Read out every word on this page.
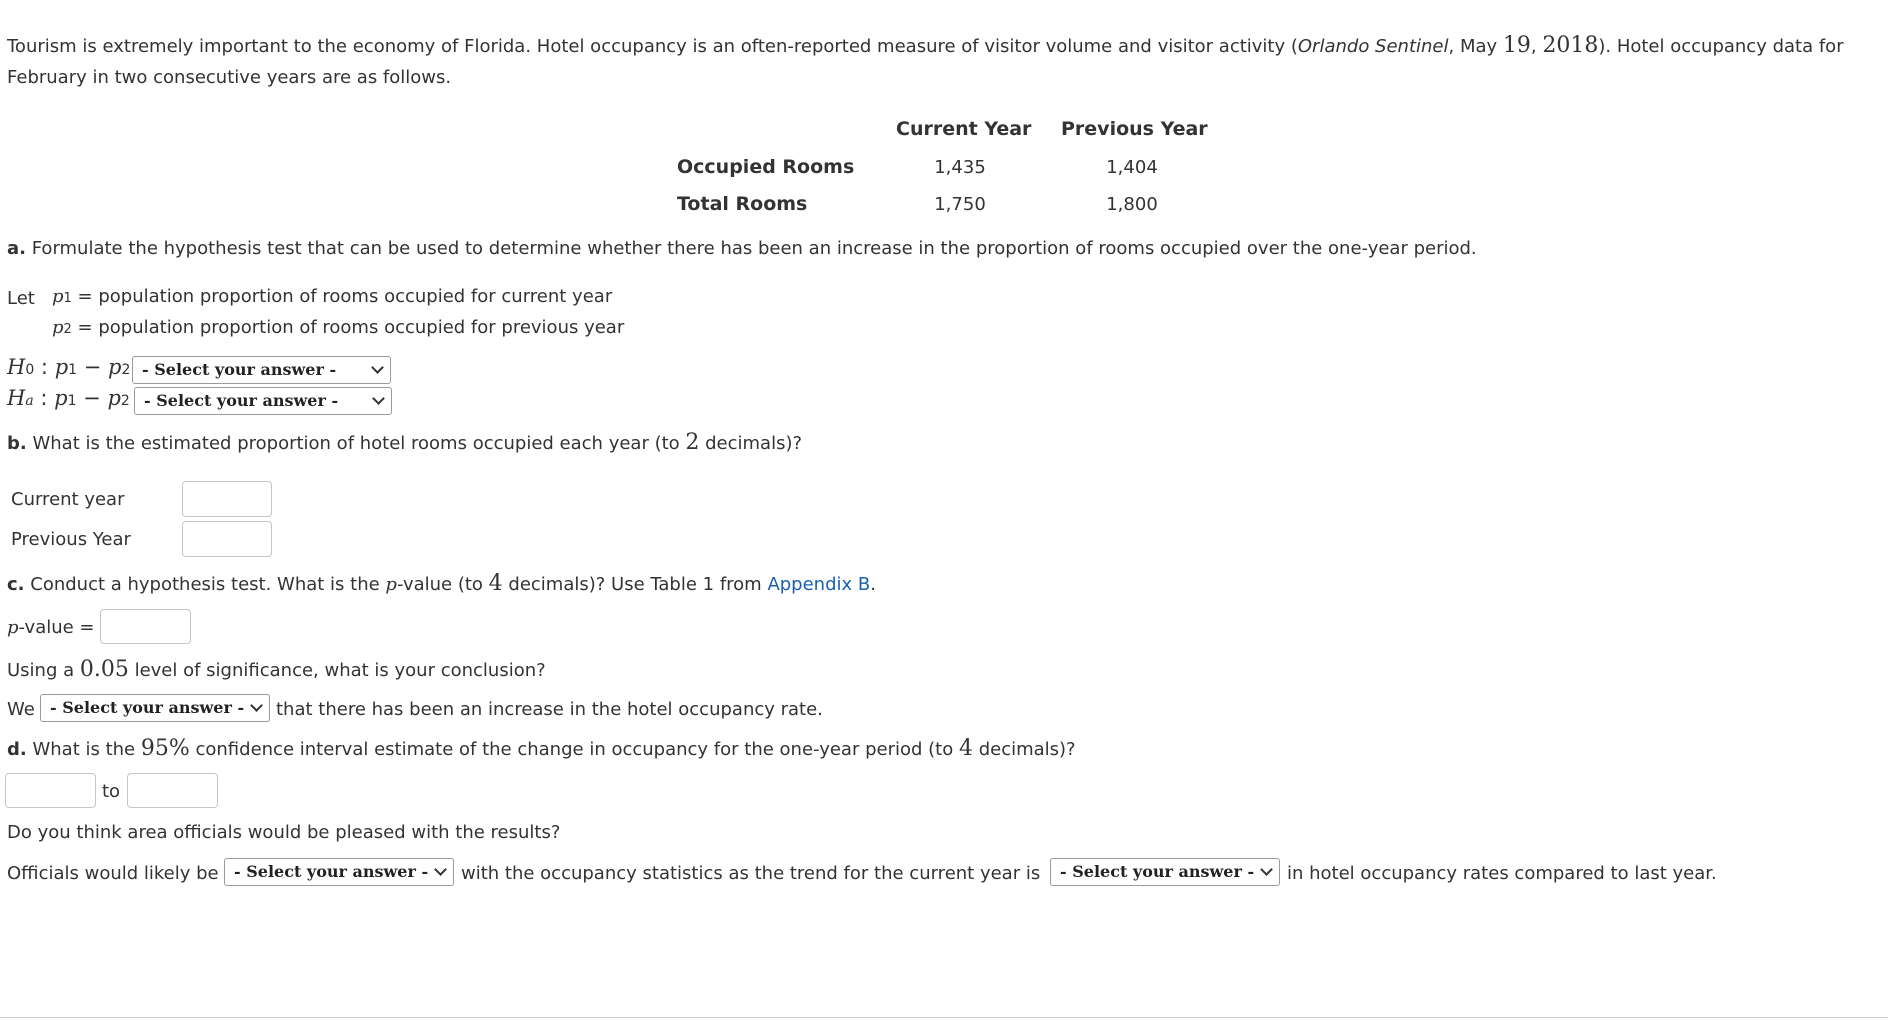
Tourism is extremely important to the economy of Florida. Hotel occupancy is an often-reported measure of visitor volume and visitor activity (Orlando Sentinel, May 19, 2018). Hotel occupancy data for February in two consecutive years are as follows.
Current Year Previous Year
Occupied Rooms	1,435	1,404
Total Rooms	1,750	1,800
a. Formulate the hypothesis test that can be used to determine whether there has been an increase in the proportion of rooms occupied over the one-year period.
Let p1 = population proportion of rooms occupied for current year
p2 = population proportion of rooms occupied for previous year
H0 : p1 − p2 - Select your answer -
Ha : p1 − p2 - Select your answer -
b. What is the estimated proportion of hotel rooms occupied each year (to 2 decimals)?
Current year
Previous Year
c. Conduct a hypothesis test. What is the p-value (to 4 decimals)? Use Table 1 from Appendix B.
p-value =
Using a 0.05 level of significance, what is your conclusion?
We - Select your answer -	that there has been an increase in the hotel occupancy rate.
d. What is the 95% confidence interval estimate of the change in occupancy for the one-year period (to 4 decimals)?
to
Do you think area officials would be pleased with the results?
Officials would likely be - Select your answer -	with the occupancy statistics as the trend for the current year is	- Select your answer -	in hotel occupancy rates compared to last year.
